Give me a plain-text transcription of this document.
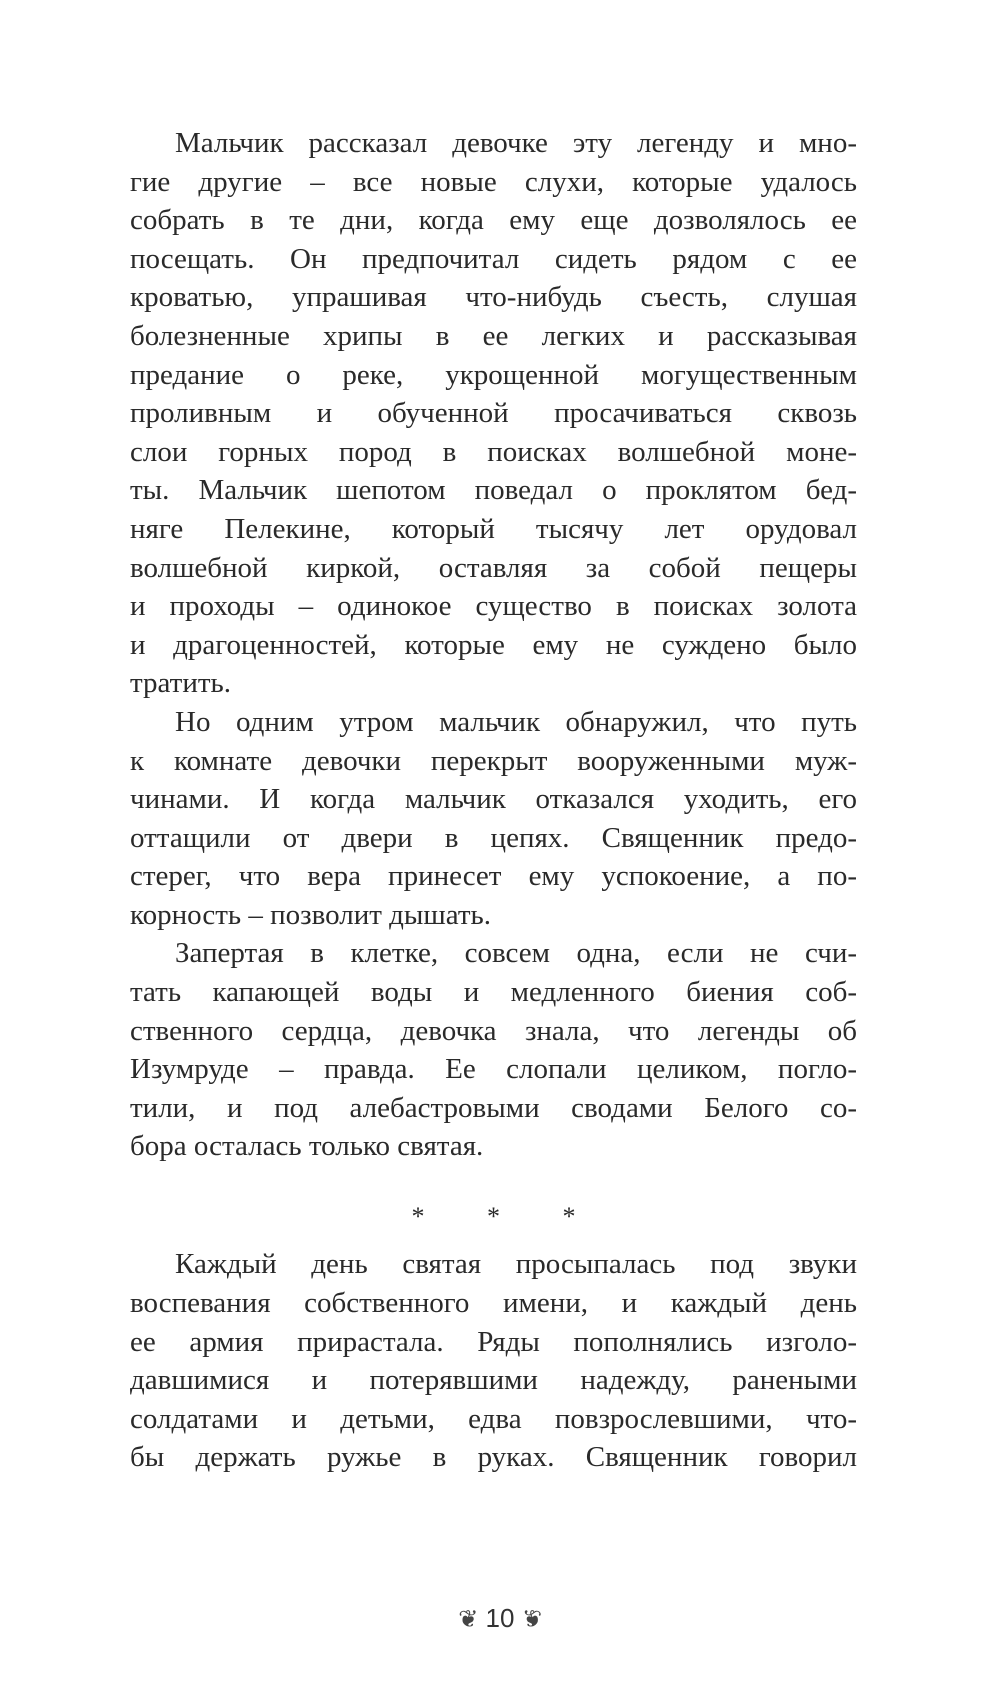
Мальчик рассказал девочке эту легенду и мно-
гие другие – все новые слухи, которые удалось
собрать в те дни, когда ему еще дозволялось ее
посещать. Он предпочитал сидеть рядом с ее
кроватью, упрашивая что-нибудь съесть, слушая
болезненные хрипы в ее легких и рассказывая
предание о реке, укрощенной могущественным
проливным и обученной просачиваться сквозь
слои горных пород в поисках волшебной моне-
ты. Мальчик шепотом поведал о проклятом бед-
няге Пелекине, который тысячу лет орудовал
волшебной киркой, оставляя за собой пещеры
и проходы – одинокое существо в поисках золота
и драгоценностей, которые ему не суждено было
тратить.
Но одним утром мальчик обнаружил, что путь
к комнате девочки перекрыт вооруженными муж-
чинами. И когда мальчик отказался уходить, его
оттащили от двери в цепях. Священник предо-
стерег, что вера принесет ему успокоение, а по-
корность – позволит дышать.
Запертая в клетке, совсем одна, если не счи-
тать капающей воды и медленного биения соб-
ственного сердца, девочка знала, что легенды об
Изумруде – правда. Ее слопали целиком, погло-
тили, и под алебастровыми сводами Белого со-
бора осталась только святая.
* * *
Каждый день святая просыпалась под звуки
воспевания собственного имени, и каждый день
ее армия прирастала. Ряды пополнялись изголо-
давшимися и потерявшими надежду, ранеными
солдатами и детьми, едва повзрослевшими, что-
бы держать ружье в руках. Священник говорил
❦ 10 ❦
